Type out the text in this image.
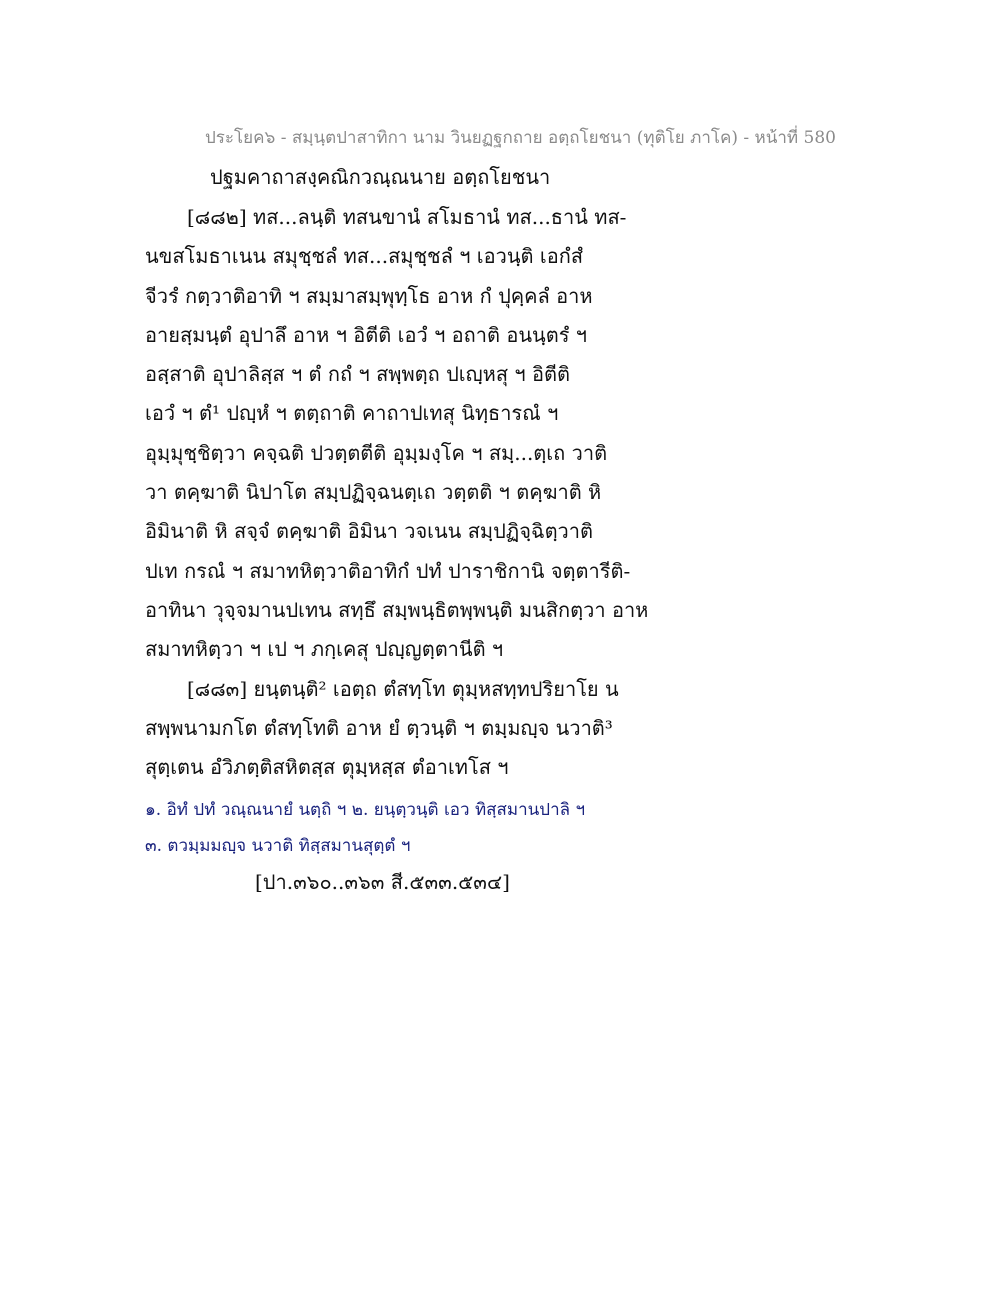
ประโยค๖ - สมฺนฺตปาสาทิกา นาม วินยฏฐกถาย อตฺถโยชนา (ทุติโย ภาโค) - หน้าที่ 580
ปฐมคาถาสงฺคณิกวณฺณนาย อตฺถโยชนา
[๘๘๒] ทส...ลนฺติ ทสนขานํ สโมธานํ ทส...ธานํ ทส-
นขสโมธาเนน สมุชฺชลํ ทส...สมุชฺชลํ ฯ เอวนฺติ เอกํสํ
จีวรํ กตฺวาติอาทิ ฯ สมฺมาสมฺพุทฺโธ อาห กํ ปุคฺคลํ อาห
อายสฺมนฺตํ อุปาลึ อาห ฯ อิตีติ เอวํ ฯ อถาติ อนนฺตรํ ฯ
อสฺสาติ อุปาลิสฺส ฯ ตํ กถํ ฯ สพฺพตฺถ ปเญฺหสุ ฯ อิตีติ
เอวํ ฯ ตํ¹ ปญฺหํ ฯ ตตฺถาติ คาถาปเทสุ นิทฺธารณํ ฯ
อุมฺมุชฺชิตฺวา คจฺฉติ ปวตฺตตีติ อุมฺมงฺโค ฯ สมฺ...ตฺเถ วาติ
วา ตคฺฆาติ นิปาโต สมฺปฏิจฺฉนตฺเถ วตฺตติ ฯ ตคฺฆาติ หิ
อิมินาติ หิ สจฺจํ ตคฺฆาติ อิมินา วจเนน สมฺปฏิจฺฉิตฺวาติ
ปเท กรณํ ฯ สมาทหิตฺวาติอาทิกํ ปทํ ปาราชิกานิ จตฺตารีติ-
อาทินา วุจฺจมานปเทน สทฺธึ สมฺพนฺธิตพฺพนฺติ มนสิกตฺวา อาห
สมาทหิตฺวา ฯ เป ฯ ภกฺเคสุ ปญฺญตฺตานีติ ฯ
[๘๘๓] ยนฺตนฺติ² เอตฺถ ตํสทฺโท ตุมฺหสทฺทปริยาโย น
สพฺพนามกโต ตํสทฺโทติ อาห ยํ ตฺวนฺติ ฯ ตมฺมญฺจ นวาติ³
สุตฺเตน อํวิภตฺติสหิตสฺส ตุมฺหสฺส ตํอาเทโส ฯ
๑. อิทํ ปทํ วณฺณนายํ นตฺถิ ฯ ๒. ยนฺตฺวนฺติ เอว ทิสฺสมานปาลิ ฯ
๓. ตวมฺมมญฺจ นวาติ ทิสฺสมานสุตฺตํ ฯ
[ปา.๓๖๐..๓๖๓ สี.๕๓๓.๕๓๔]
